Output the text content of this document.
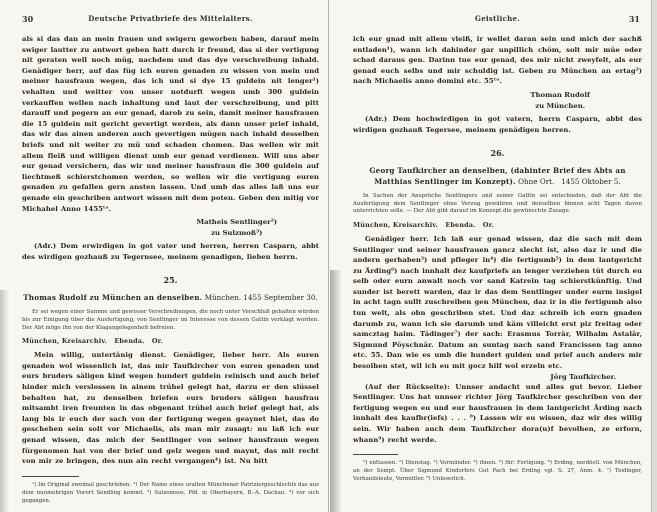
30	Deutsche Privatbriefe des Mittelalters.

als si das dan an mein frauen und swigern geworben haben, darauf mein swiger lautter zu antwort geben hatt durch ir freund, das si der vertigung nit geraten well noch müg, nachdem und das dye verschreibung inhald. Genädiger herr, auf das füg ich euren genaden zu wissen von mein und meiner hausfraun wegen, das ich und si dye 15 guldein nit lenger¹) vehalten und weitter von unser notdurft wegen umb 300 guldein verkauffen wellen nach inhaltung und laut der verschreibung, und pitt darauff und pegern an eur genad, darob zu sein, damit meiner hausfrauen die 15 guldein mit gericht gevertigt werden, als dann unser prief inhald, das wir das ainen anderen auch gevertigen mügen nach inhald desselben briefs und nit weiter zu mü und schaden chomen. Das wellen wir mit allem fleiß und willigen dienst umb eur genad verdienen. Will uns aber eur genad versichern, das wir und meiner hausfraun die 300 guldein auf liechtmeß schierstchomen werden, so wellen wir die vertigung euren genaden zu gefallen gern ansten lassen. Und umb das alles laß uns eur genade ein geschriben antwort wissen mit dem poten. Geben den mitig vor Michahel Anno 1455ᵗᵒ.

Matheis Sentlinger²)
zu Sulzmoß³)

(Adr.) Dem erwirdigen in got vater und herren, herren Casparn, abbt des wirdigen gozhauß zu Tegernsee, meinem genadigen, lieben herrn.

25.
Thomas Rudolf zu München an denselben. München. 1455 September 30.

Er sei wegen einer Summe und gewisser Verschreibungen, die noch unter Verschluß gehalten würden bis zur Einigung über die Ausfertigung, von Sentlinger im Interesse von dessen Gattin verklagt worden. Der Abt möge ihn von der Klagangelegenheit befreien.

München, Kreisarchiv.   Ebenda.   Or.

Mein willig, untertänig dienst. Genädiger, lieber herr. Als euren genaden wol wissenlich ist, das mir Taufkircher von euren genaden und eurs bruders säligen kind wegen hundert guldein reinisch und auch brief hinder mich verslossen in ainem trühel gelegt hat, darzu er den slüssel behalten hat, zu denselben briefen eurs bruders säligen hausfrau mitsambt iren freunten in das obgenant trühel auch brief gelegt hat, als lang bis ir euch der sach von der fertigung wegen geaynet hiet, das do geschehen sein solt vor Michaelis, als man mir zusagt: nu laß ich eur genad wissen, das mich der Sentlinger von seiner hausfraun wegen fürgenomen hat von der brief und gelz wegen und maynt, das mit recht von mir ze bringen, des nun ain recht vergangen⁴) ist. Nu bitt

¹) Im Original zweimal geschrieben. ²) Der Name eines uralten Münchener Patriziergeschlechts das aus dem nunmehrigen Vorort Sendling kommt. ³) Sulzemoos, Pfd. in Oberbayern, B.-A. Dachau. ⁴) vor sich gegangen.

31
Geistliche.

ich eur gnad mit allem vleiß, ir wellet daran sein und mich der sachß entladen¹), wann ich dahinder gar unpillich chöm, solt mir müe oder schad daraus gen. Darinn tue eur genad, des mir nicht zweyfelt, als eur genad euch selbs und mir schuldig ist. Geben zu München an ertag²) nach Michaelis anno domini etc. 55ᵗᵒ.

Thoman Rudolf
zu München.

(Adr.) Dem hochwirdigen in got vatern, herrn Casparn, abbt des wirdigen gozhauß Tegersee, meinem genädigen herren.

26.
Georg Taufkircher an denselben, (dahinter Brief des Abts an Matthias Sentlinger im Konzept). Ohne Ort.   1455 Oktober 5.

In Sachen der Ansprüche Sentlingers und seiner Gattin sei entschieden, daß der Abt die Ausfertigung dem Sentlinger ohne Verzug gewähren und denselben binnen acht Tagen davon unterrichten solle. — Der Abt gibt darauf im Konzept die gewünschte Zusage.

München, Kreisarchiv.   Ebenda.   Or.

Genädiger herr. Ich laß eur genad wissen, daz die sach mit dem Sentlinger und seiner hausfrauen gancz slecht ist, also daz ir und die andern gerhaben³) und pfleger in⁴) die fertigumb⁵) in dem lantgericht zu Ärding⁶) nach innhalt dez kaufpriefs an lenger verziehen tüt durch eu selb oder eurn anwalt noch vor sand Katrein tag schierstkünftig. Und sunder ist berett warden, daz ir das dem Sentlinger under eurm insigel in acht tagn sullt zuschreiben gen München, daz ir in die fertigumb also tun welt, als obn geschriben stet. Und daz schreib ich eurn gnaden darumb zu, wann ich sie darumb und käm villeicht erst piz freitag oder samcztag haim. Tädinger⁷) der sach: Erasmus Torrär, Wilhalm Astalär, Sigmund Pöyschnär. Datum an suntag nach sand Francissen tag anno etc. 55. Dan wie es umb die hundert gulden und prief auch anders mir besolhen stet, wil ich eu mit gocz hilf wol erzeln etc.

Jörg Taufkircher.

(Auf der Rückseite): Unnser andacht und alles gut bevor. Lieber Sentlinger. Uns hat unnser richter Jörg Taufkircher geschriben von der fertigung wegen eu und eur hausfrauen in dem lantgericht Ärding nach innhalt des kaufbr(iefs) . . . ⁸) Lassen wir eu wissen, daz wir des willig sein. Wir haben auch dem Taufkircher dora(u)f bevolhen, ze erforn, whann⁹) recht werde.

¹) entlassen. ²) Dienstag. ³) Vormünder. ⁴) ihnen. ⁵) für: Fertigung. ⁶) Erding, nordöstl. von München, an der Sempt. Über Sigmund Kindorfers Gut Pach bei Erding vgl. S. 27, Anm. 4. ⁷) Teidinger, Verhandsleute, Vermittler. ⁸) Unleserlich.
